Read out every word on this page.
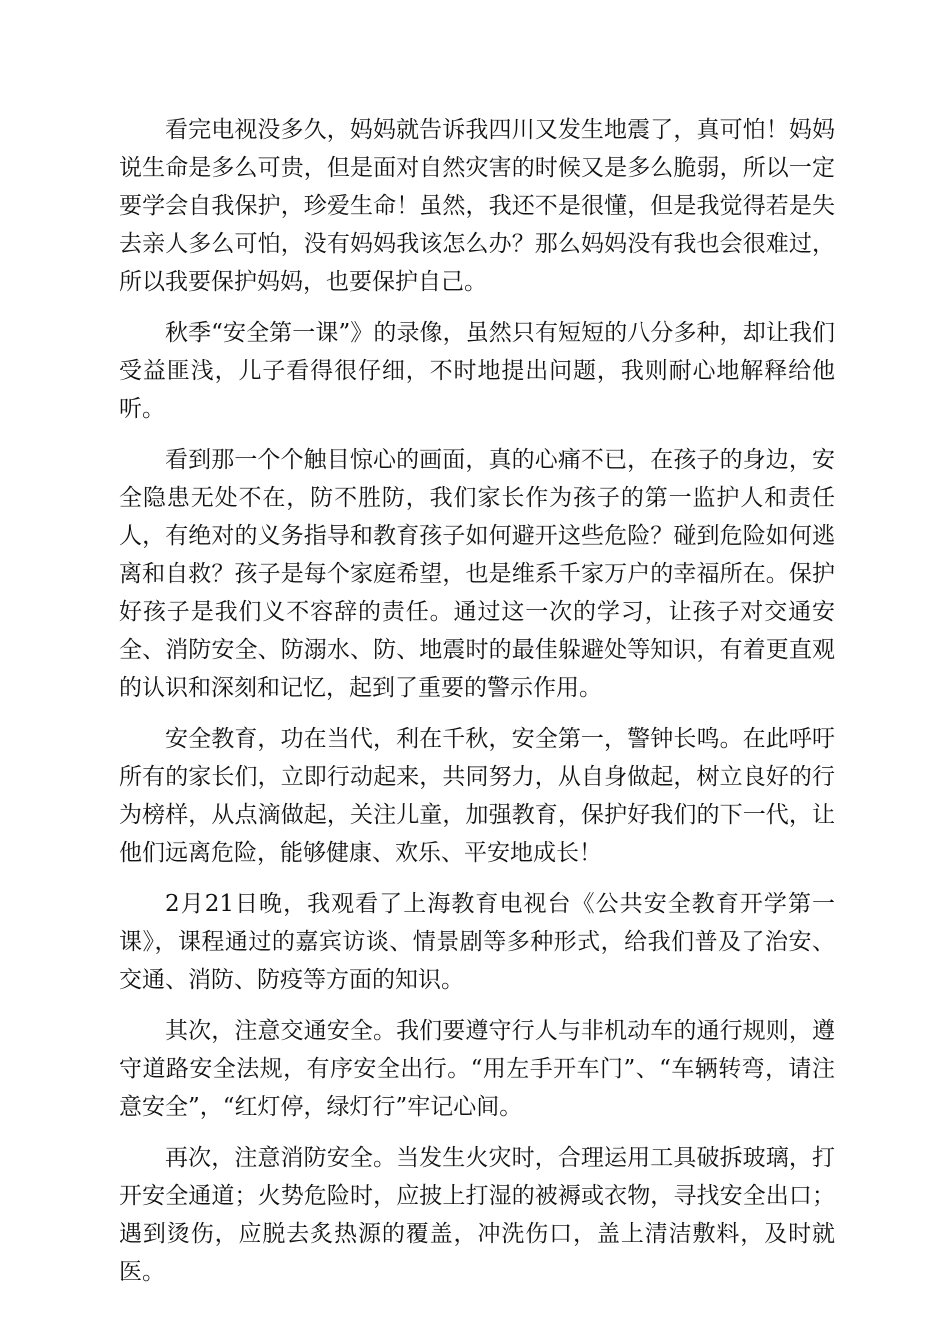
看完电视没多久，妈妈就告诉我四川又发生地震了，真可怕！妈妈说生命是多么可贵，但是面对自然灾害的时候又是多么脆弱，所以一定要学会自我保护，珍爱生命！虽然，我还不是很懂，但是我觉得若是失去亲人多么可怕，没有妈妈我该怎么办？那么妈妈没有我也会很难过，所以我要保护妈妈，也要保护自己。

秋季“安全第一课”》的录像，虽然只有短短的八分多种，却让我们受益匪浅，儿子看得很仔细，不时地提出问题，我则耐心地解释给他听。

看到那一个个触目惊心的画面，真的心痛不已，在孩子的身边，安全隐患无处不在，防不胜防，我们家长作为孩子的第一监护人和责任人，有绝对的义务指导和教育孩子如何避开这些危险？碰到危险如何逃离和自救？孩子是每个家庭希望，也是维系千家万户的幸福所在。保护好孩子是我们义不容辞的责任。通过这一次的学习，让孩子对交通安全、消防安全、防溺水、防、地震时的最佳躲避处等知识，有着更直观的认识和深刻和记忆，起到了重要的警示作用。

安全教育，功在当代，利在千秋，安全第一，警钟长鸣。在此呼吁所有的家长们，立即行动起来，共同努力，从自身做起，树立良好的行为榜样，从点滴做起，关注儿童，加强教育，保护好我们的下一代，让他们远离危险，能够健康、欢乐、平安地成长！

2月21日晚，我观看了上海教育电视台《公共安全教育开学第一课》，课程通过的嘉宾访谈、情景剧等多种形式，给我们普及了治安、交通、消防、防疫等方面的知识。

其次，注意交通安全。我们要遵守行人与非机动车的通行规则，遵守道路安全法规，有序安全出行。“用左手开车门”、“车辆转弯，请注意安全”，“红灯停，绿灯行”牢记心间。

再次，注意消防安全。当发生火灾时，合理运用工具破拆玻璃，打开安全通道；火势危险时，应披上打湿的被褥或衣物，寻找安全出口；遇到烫伤，应脱去炙热源的覆盖，冲洗伤口，盖上清洁敷料，及时就医。
